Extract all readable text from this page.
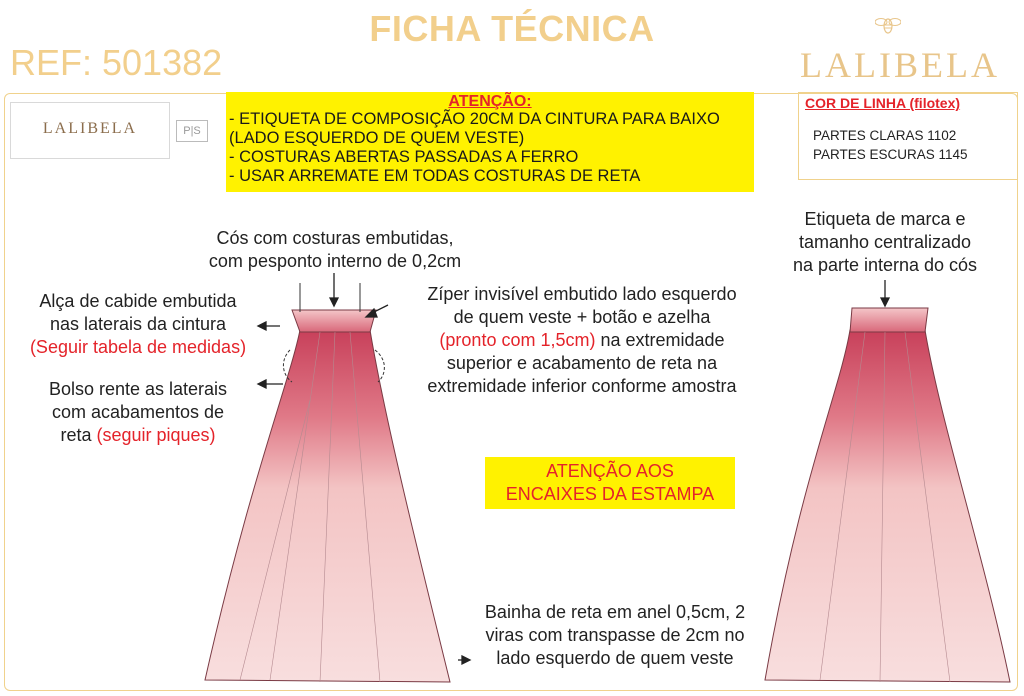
FICHA TÉCNICA
REF: 501382	LALIBELA
LALIBELA	P|S
ATENÇÃO:
- ETIQUETA DE COMPOSIÇÃO 20CM DA CINTURA PARA BAIXO
(LADO ESQUERDO DE QUEM VESTE)
- COSTURAS ABERTAS PASSADAS A FERRO
- USAR ARREMATE EM TODAS COSTURAS DE RETA
COR DE LINHA (filotex)
PARTES CLARAS 1102
PARTES ESCURAS 1145
Cós com costuras embutidas,
com pesponto interno de 0,2cm
Alça de cabide embutida
nas laterais da cintura
(Seguir tabela de medidas)
Bolso rente as laterais
com acabamentos de
reta (seguir piques)
Zíper invisível embutido lado esquerdo
de quem veste + botão e azelha
(pronto com 1,5cm) na extremidade
superior e acabamento de reta na
extremidade inferior conforme amostra
Etiqueta de marca e
tamanho centralizado
na parte interna do cós
ATENÇÃO AOS
ENCAIXES DA ESTAMPA
Bainha de reta em anel 0,5cm, 2
viras com transpasse de 2cm no
lado esquerdo de quem veste
